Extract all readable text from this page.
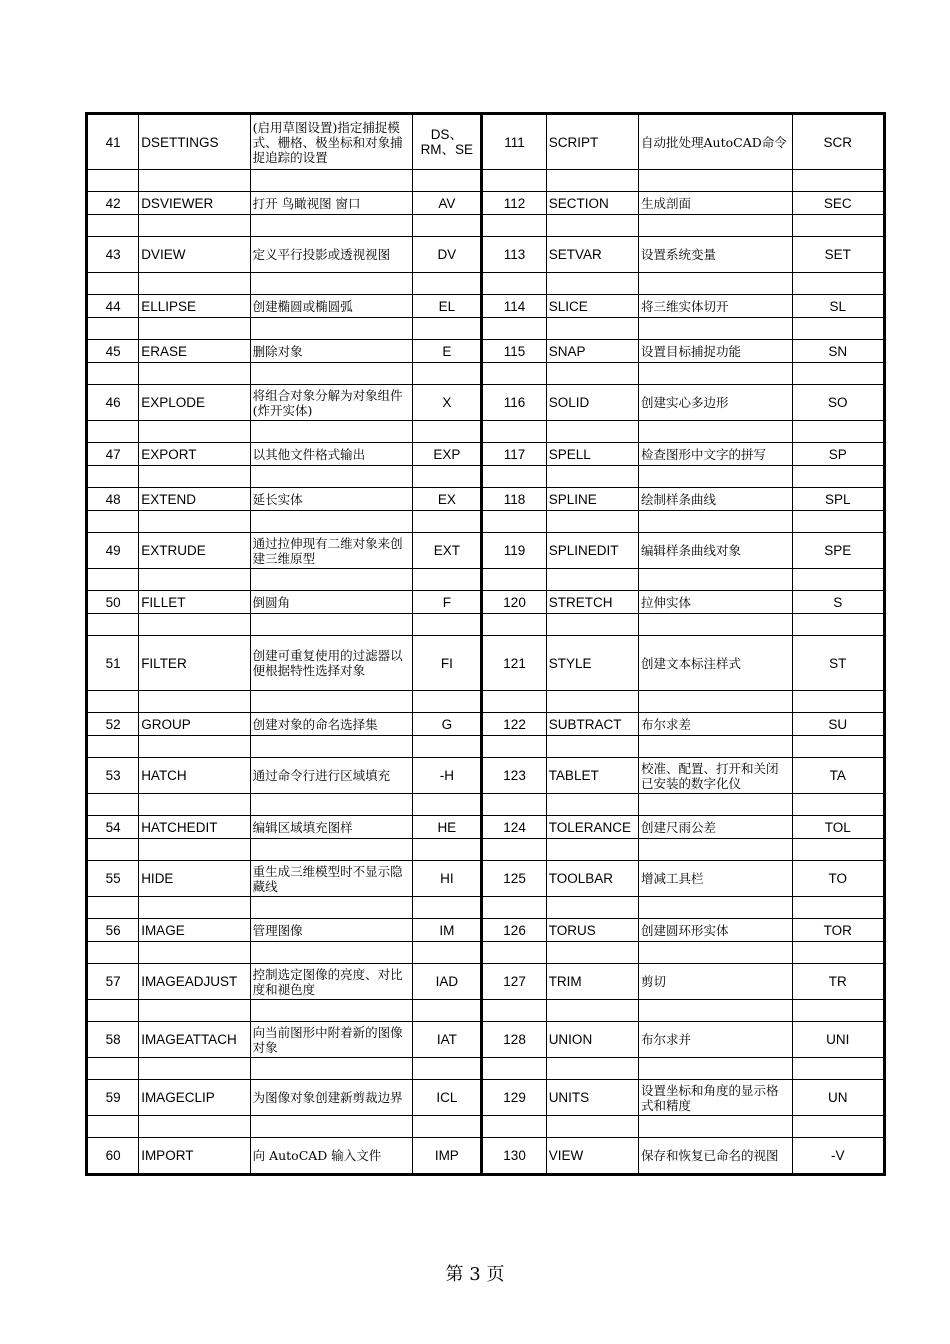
41	DSETTINGS	(启用草图设置)指定捕捉模式、栅格、极坐标和对象捕捉追踪的设置	DS、RM、SE	111	SCRIPT	自动批处理AutoCAD命令	SCR

42	DSVIEWER	打开 鸟瞰视图 窗口	AV	112	SECTION	生成剖面	SEC

43	DVIEW	定义平行投影或透视视图	DV	113	SETVAR	设置系统变量	SET

44	ELLIPSE	创建椭圆或椭圆弧	EL	114	SLICE	将三维实体切开	SL

45	ERASE	删除对象	E	115	SNAP	设置目标捕捉功能	SN

46	EXPLODE	将组合对象分解为对象组件(炸开实体)	X	116	SOLID	创建实心多边形	SO

47	EXPORT	以其他文件格式输出	EXP	117	SPELL	检查图形中文字的拼写	SP

48	EXTEND	延长实体	EX	118	SPLINE	绘制样条曲线	SPL

49	EXTRUDE	通过拉伸现有二维对象来创建三维原型	EXT	119	SPLINEDIT	编辑样条曲线对象	SPE

50	FILLET	倒圆角	F	120	STRETCH	拉伸实体	S

51	FILTER	创建可重复使用的过滤器以便根据特性选择对象	FI	121	STYLE	创建文本标注样式	ST

52	GROUP	创建对象的命名选择集	G	122	SUBTRACT	布尔求差	SU

53	HATCH	通过命令行进行区域填充	-H	123	TABLET	校准、配置、打开和关闭已安装的数字化仪	TA

54	HATCHEDIT	编辑区域填充图样	HE	124	TOLERANCE	创建尺雨公差	TOL

55	HIDE	重生成三维模型时不显示隐藏线	HI	125	TOOLBAR	增减工具栏	TO

56	IMAGE	管理图像	IM	126	TORUS	创建圆环形实体	TOR

57	IMAGEADJUST	控制选定图像的亮度、对比度和褪色度	IAD	127	TRIM	剪切	TR

58	IMAGEATTACH	向当前图形中附着新的图像对象	IAT	128	UNION	布尔求并	UNI

59	IMAGECLIP	为图像对象创建新剪裁边界	ICL	129	UNITS	设置坐标和角度的显示格式和精度	UN

60	IMPORT	向 AutoCAD 输入文件	IMP	130	VIEW	保存和恢复已命名的视图	-V
第 3 页
